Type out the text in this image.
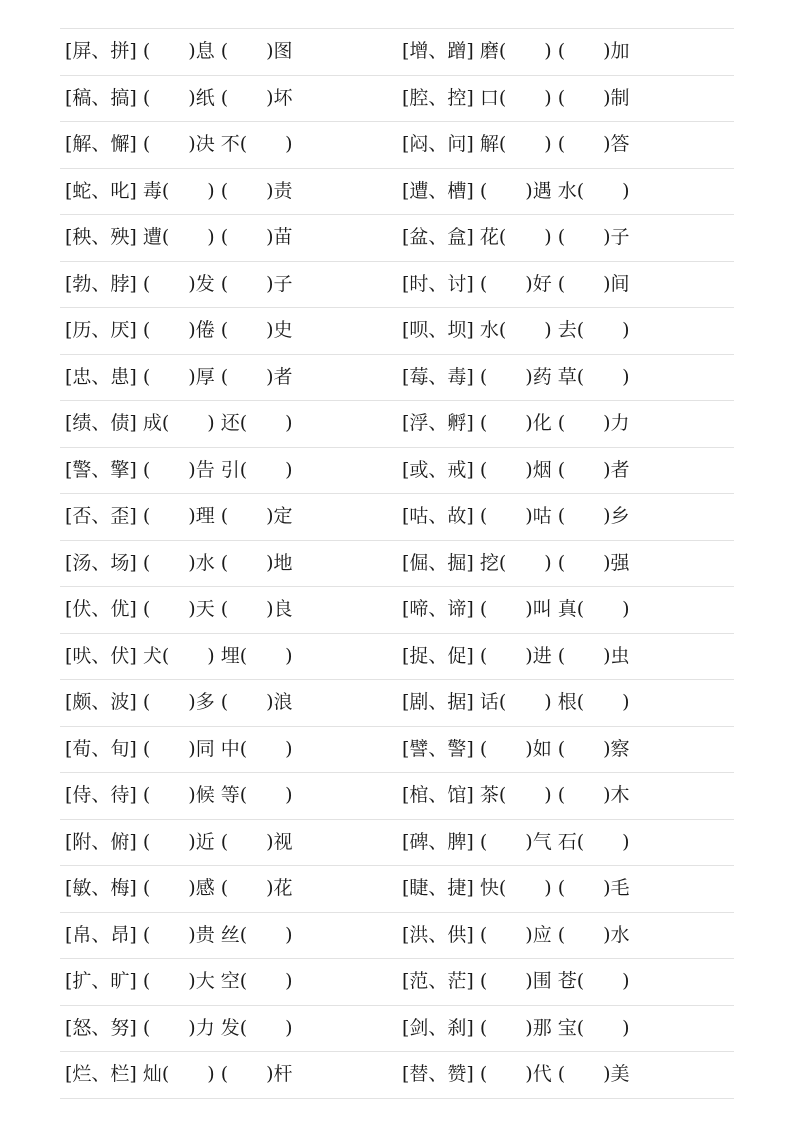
[屏、拼] (　　)息 (　　)图	[增、蹭] 磨(　　) (　　)加
[稿、搞] (　　)纸 (　　)坏	[腔、控] 口(　　) (　　)制
[解、懈] (　　)决 不(　　)	[闷、问] 解(　　) (　　)答
[蛇、叱] 毒(　　) (　　)责	[遭、槽] (　　)遇 水(　　)
[秧、殃] 遭(　　) (　　)苗	[盆、盒] 花(　　) (　　)子
[勃、脖] (　　)发 (　　)子	[时、讨] (　　)好 (　　)间
[历、厌] (　　)倦 (　　)史	[呗、坝] 水(　　) 去(　　)
[忠、患] (　　)厚 (　　)者	[莓、毒] (　　)药 草(　　)
[绩、债] 成(　　) 还(　　)	[浮、孵] (　　)化 (　　)力
[警、擎] (　　)告 引(　　)	[或、戒] (　　)烟 (　　)者
[否、歪] (　　)理 (　　)定	[咕、故] (　　)咕 (　　)乡
[汤、场] (　　)水 (　　)地	[倔、掘] 挖(　　) (　　)强
[伏、优] (　　)天 (　　)良	[啼、谛] (　　)叫 真(　　)
[吠、伏] 犬(　　) 埋(　　)	[捉、促] (　　)进 (　　)虫
[颇、波] (　　)多 (　　)浪	[剧、据] 话(　　) 根(　　)
[荀、旬] (　　)同 中(　　)	[譬、警] (　　)如 (　　)察
[侍、待] (　　)候 等(　　)	[棺、馆] 茶(　　) (　　)木
[附、俯] (　　)近 (　　)视	[碑、脾] (　　)气 石(　　)
[敏、梅] (　　)感 (　　)花	[睫、捷] 快(　　) (　　)毛
[帛、昂] (　　)贵 丝(　　)	[洪、供] (　　)应 (　　)水
[扩、旷] (　　)大 空(　　)	[范、茫] (　　)围 苍(　　)
[怒、努] (　　)力 发(　　)	[剑、刹] (　　)那 宝(　　)
[烂、栏] 灿(　　) (　　)杆	[替、赞] (　　)代 (　　)美
